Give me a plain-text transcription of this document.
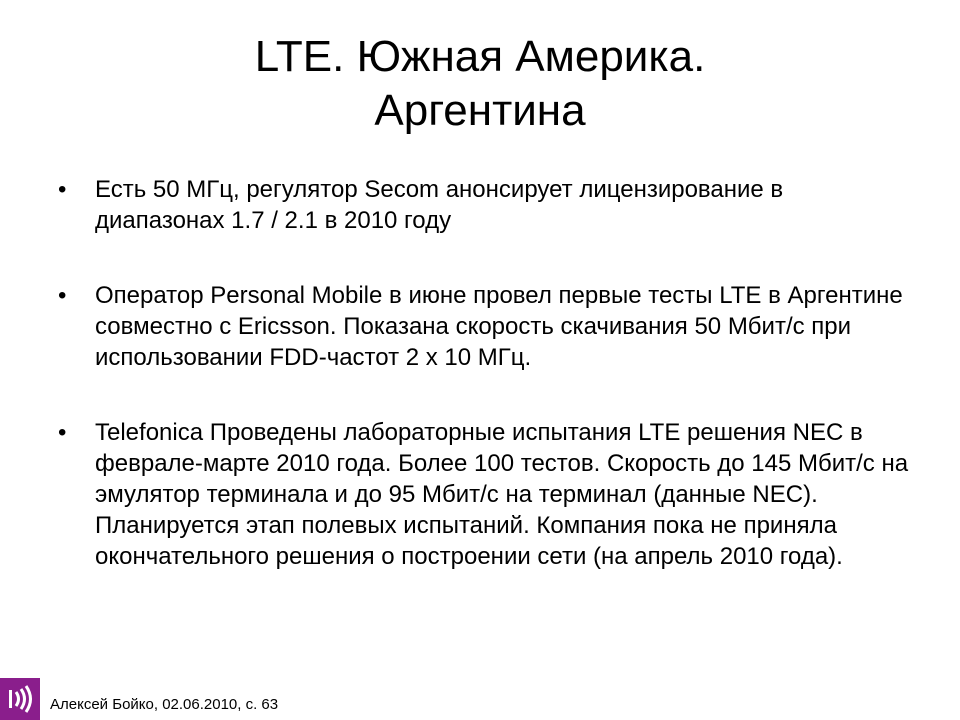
LTE. Южная Америка.
Аргентина
• Есть 50 МГц, регулятор Secom анонсирует лицензирование в диапазонах 1.7 / 2.1 в 2010 году
• Оператор Personal Mobile в июне провел первые тесты LTE в Аргентине совместно с Ericsson. Показана скорость скачивания 50 Мбит/с при использовании FDD-частот 2 х 10 МГц.
• Telefonica Проведены лабораторные испытания LTE решения NEC в феврале-марте 2010 года. Более 100 тестов. Скорость до 145 Мбит/с на эмулятор терминала и до 95 Мбит/с на терминал (данные NEC). Планируется этап полевых испытаний. Компания пока не приняла окончательного решения о построении сети (на апрель 2010 года).
Алексей Бойко, 02.06.2010, с. 63
